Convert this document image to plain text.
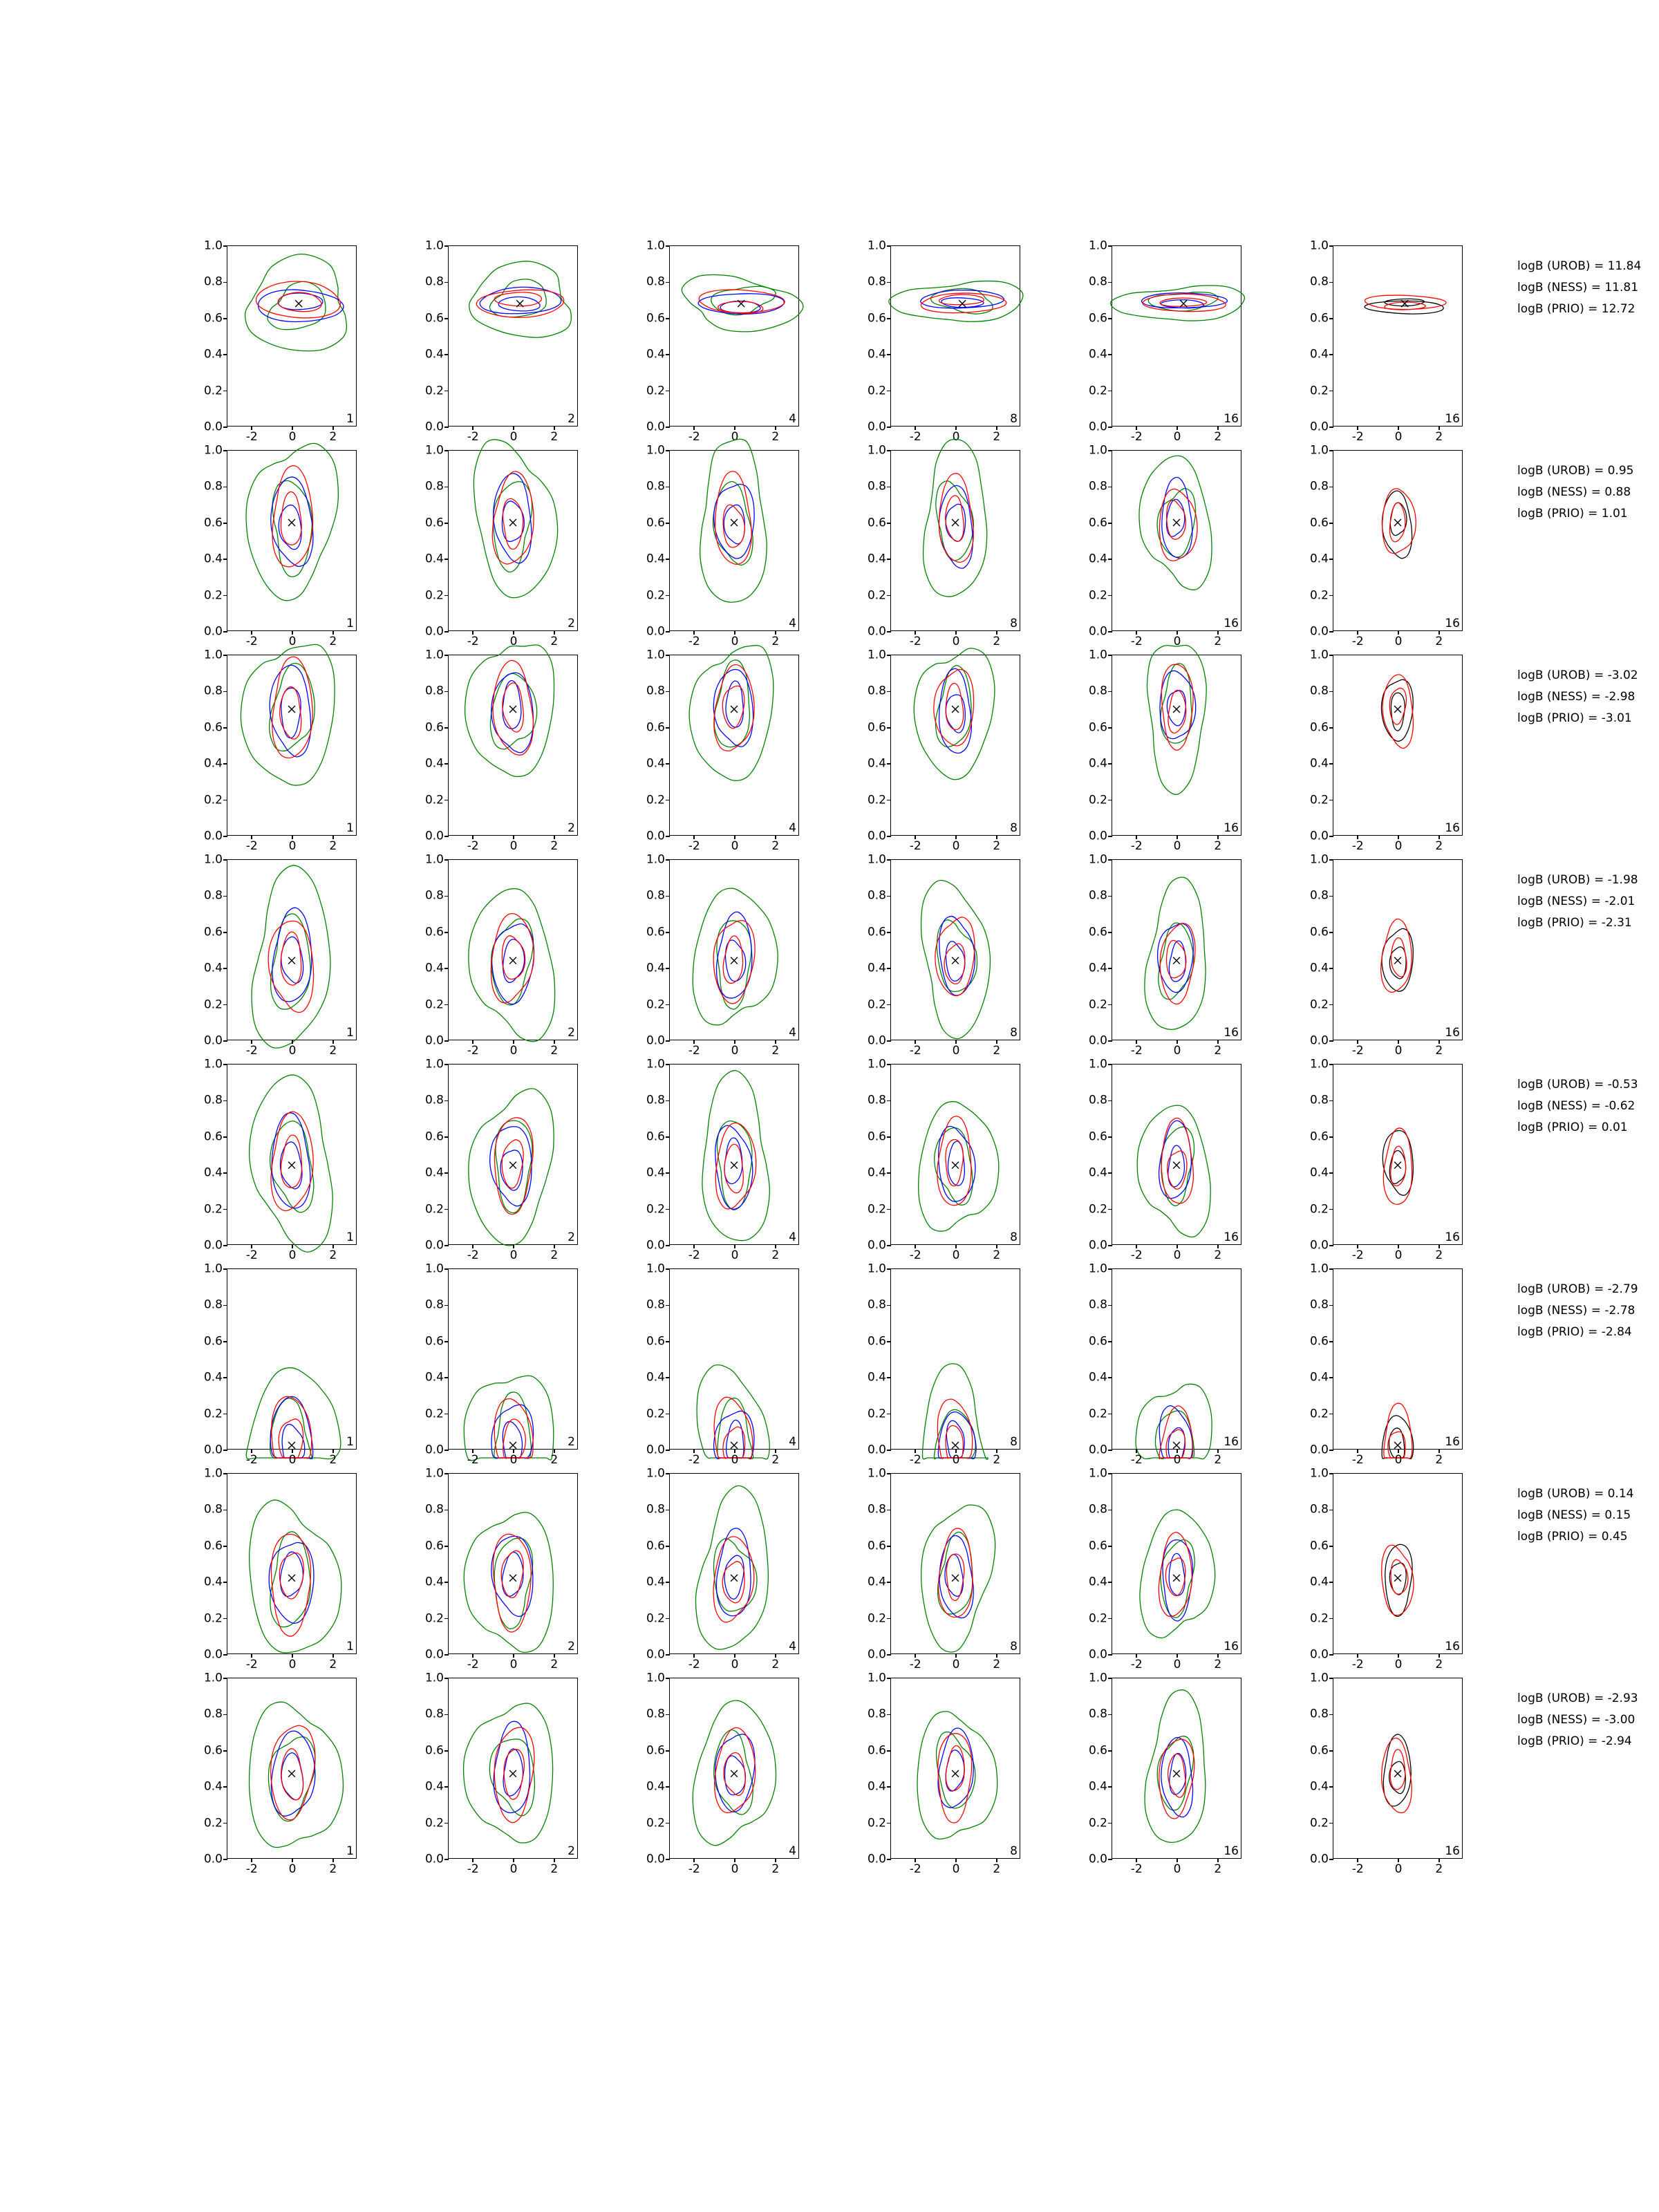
0.0
0.2
0.4
0.6
0.8
1.0
-2	0	2
1
0.0
0.2
0.4
0.6
0.8
1.0
-2	0	2
2
0.0
0.2
0.4
0.6
0.8
1.0
-2	0	2
4
0.0
0.2
0.4
0.6
0.8
1.0
-2	0	2
8
0.0
0.2
0.4
0.6
0.8
1.0
-2	0	2
16
0.0
0.2
0.4
0.6
0.8
1.0
-2	0	2
16
0.0
0.2
0.4
0.6
0.8
1.0
-2	0	2
1
0.0
0.2
0.4
0.6
0.8
1.0
-2	0	2
2
0.0
0.2
0.4
0.6
0.8
1.0
-2	0	2
4
0.0
0.2
0.4
0.6
0.8
1.0
-2	0	2
8
0.0
0.2
0.4
0.6
0.8
1.0
-2	0	2
16
0.0
0.2
0.4
0.6
0.8
1.0
-2	0	2
16
0.0
0.2
0.4
0.6
0.8
1.0
-2	0	2
1
0.0
0.2
0.4
0.6
0.8
1.0
-2	0	2
2
0.0
0.2
0.4
0.6
0.8
1.0
-2	0	2
4
0.0
0.2
0.4
0.6
0.8
1.0
-2	0	2
8
0.0
0.2
0.4
0.6
0.8
1.0
-2	0	2
16
0.0
0.2
0.4
0.6
0.8
1.0
-2	0	2
16
0.0
0.2
0.4
0.6
0.8
1.0
-2	0	2
1
0.0
0.2
0.4
0.6
0.8
1.0
-2	0	2
2
0.0
0.2
0.4
0.6
0.8
1.0
-2	0	2
4
0.0
0.2
0.4
0.6
0.8
1.0
-2	0	2
8
0.0
0.2
0.4
0.6
0.8
1.0
-2	0	2
16
0.0
0.2
0.4
0.6
0.8
1.0
-2	0	2
16
0.0
0.2
0.4
0.6
0.8
1.0
-2	0	2
1
0.0
0.2
0.4
0.6
0.8
1.0
-2	0	2
2
0.0
0.2
0.4
0.6
0.8
1.0
-2	0	2
4
0.0
0.2
0.4
0.6
0.8
1.0
-2	0	2
8
0.0
0.2
0.4
0.6
0.8
1.0
-2	0	2
16
0.0
0.2
0.4
0.6
0.8
1.0
-2	0	2
16
0.0
0.2
0.4
0.6
0.8
1.0
-2	0	2
1
0.0
0.2
0.4
0.6
0.8
1.0
-2	0	2
2
0.0
0.2
0.4
0.6
0.8
1.0
-2	0	2
4
0.0
0.2
0.4
0.6
0.8
1.0
-2	0	2
8
0.0
0.2
0.4
0.6
0.8
1.0
-2	0	2
16
0.0
0.2
0.4
0.6
0.8
1.0
-2	0	2
16
0.0
0.2
0.4
0.6
0.8
1.0
-2	0	2
1
0.0
0.2
0.4
0.6
0.8
1.0
-2	0	2
2
0.0
0.2
0.4
0.6
0.8
1.0
-2	0	2
4
0.0
0.2
0.4
0.6
0.8
1.0
-2	0	2
8
0.0
0.2
0.4
0.6
0.8
1.0
-2	0	2
16
0.0
0.2
0.4
0.6
0.8
1.0
-2	0	2
16
0.0
0.2
0.4
0.6
0.8
1.0
-2	0	2
1
0.0
0.2
0.4
0.6
0.8
1.0
-2	0	2
2
0.0
0.2
0.4
0.6
0.8
1.0
-2	0	2
4
0.0
0.2
0.4
0.6
0.8
1.0
-2	0	2
8
0.0
0.2
0.4
0.6
0.8
1.0
-2	0	2
16
0.0
0.2
0.4
0.6
0.8
1.0
-2	0	2
16
logB (UROB) = 11.84
logB (NESS) = 11.81
logB (PRIO) = 12.72
logB (UROB) = 0.95
logB (NESS) = 0.88
logB (PRIO) = 1.01
logB (UROB) = -3.02
logB (NESS) = -2.98
logB (PRIO) = -3.01
logB (UROB) = -1.98
logB (NESS) = -2.01
logB (PRIO) = -2.31
logB (UROB) = -0.53
logB (NESS) = -0.62
logB (PRIO) = 0.01
logB (UROB) = -2.79
logB (NESS) = -2.78
logB (PRIO) = -2.84
logB (UROB) = 0.14
logB (NESS) = 0.15
logB (PRIO) = 0.45
logB (UROB) = -2.93
logB (NESS) = -3.00
logB (PRIO) = -2.94
